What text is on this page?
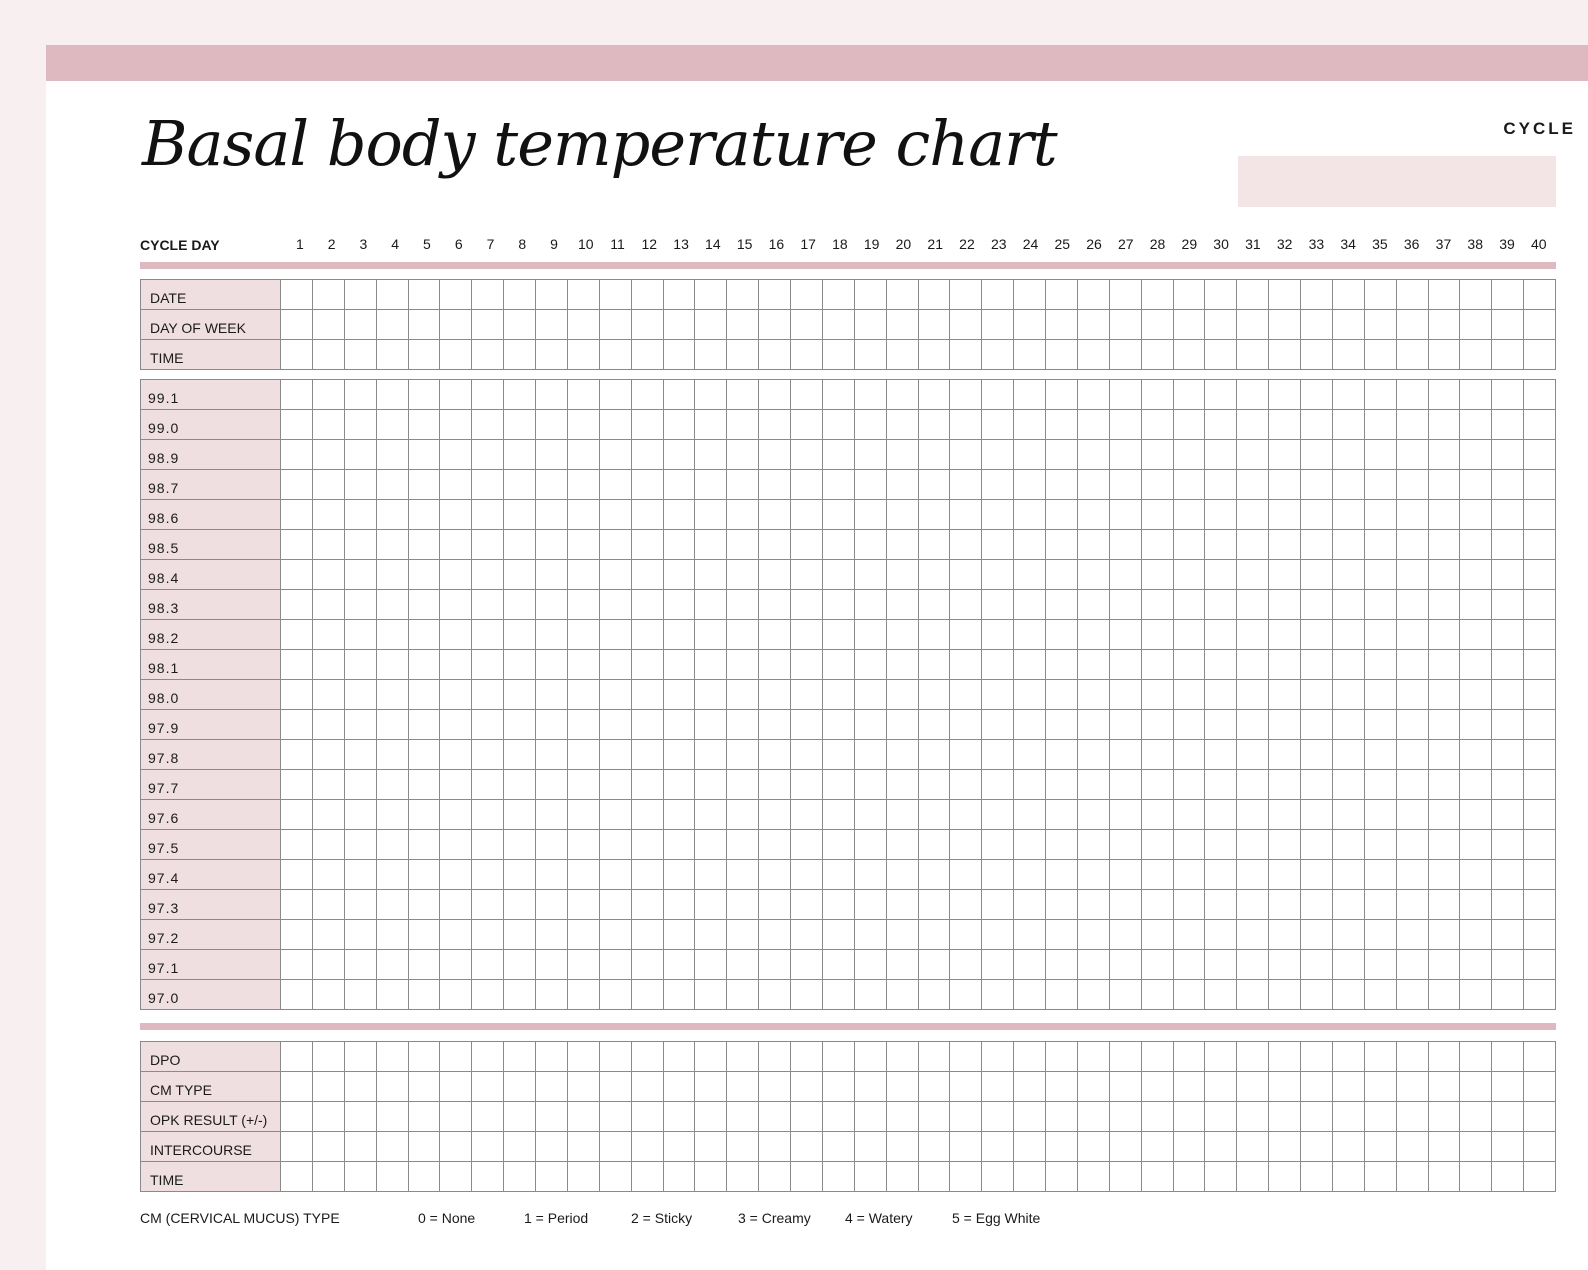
Basal body temperature chart	CYCLE
CYCLE DAY	1	2	3	4	5	6	7	8	9	10	11	12	13	14	15	16	17	18	19	20	21	22	23	24	25	26	27	28	29	30	31	32	33	34	35	36	37	38	39	40
DATE																																								
DAY OF WEEK																																								
TIME																																								
99.1																																								
99.0																																								
98.9																																								
98.7																																								
98.6																																								
98.5																																								
98.4																																								
98.3																																								
98.2																																								
98.1																																								
98.0																																								
97.9																																								
97.8																																								
97.7																																								
97.6																																								
97.5																																								
97.4																																								
97.3																																								
97.2																																								
97.1																																								
97.0																																								
DPO																																								
CM TYPE																																								
OPK RESULT (+/-)																																								
INTERCOURSE																																								
TIME																																								
CM (CERVICAL MUCUS) TYPE	0 = None	1 = Period	2 = Sticky	3 = Creamy 4 = Watery	5 = Egg White
